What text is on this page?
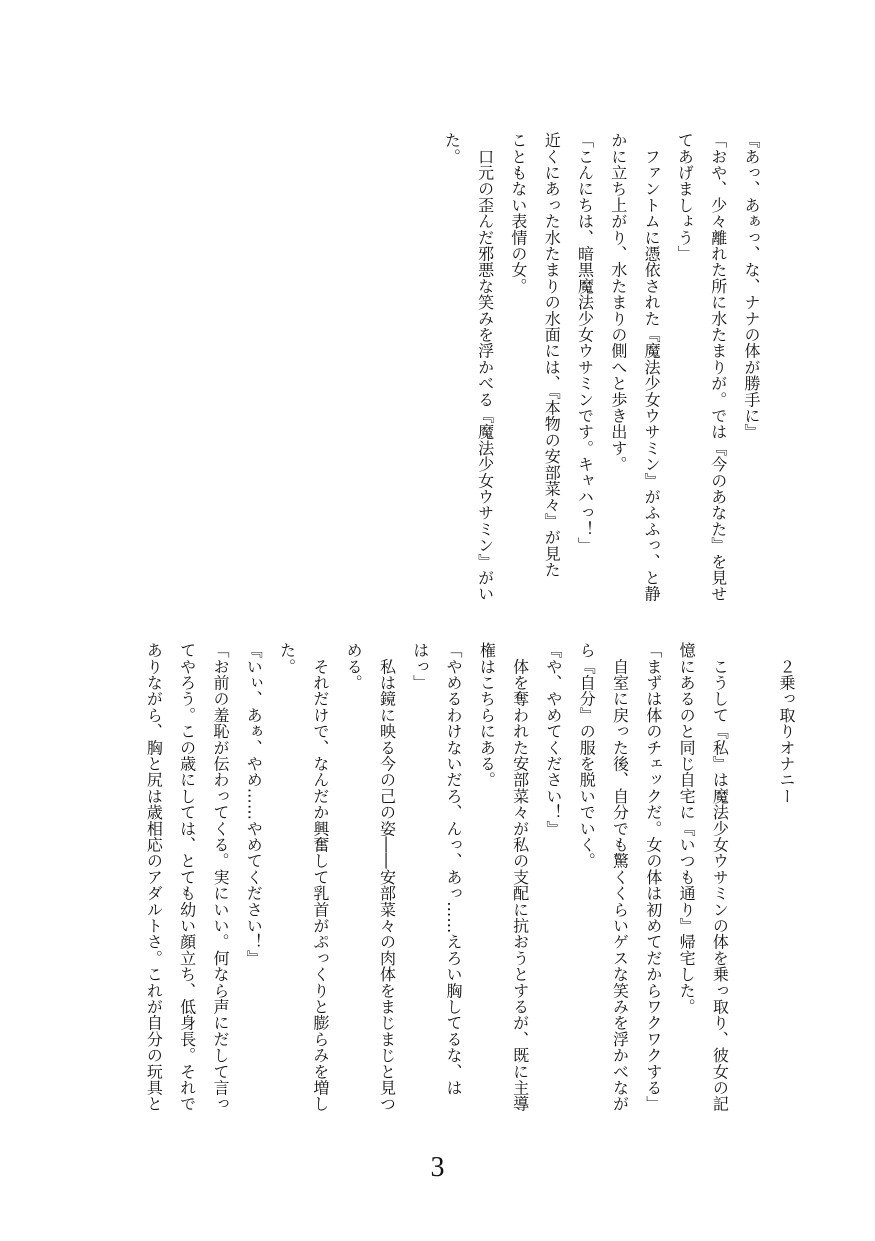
『あっ、あぁっ、な、ナナの体が勝手に』
「おや、少々離れた所に水たまりが。では『今のあなた』を見せ
てあげましょう」
　ファントムに憑依された『魔法少女ウサミン』がふふっ、と静
かに立ち上がり、水たまりの側へと歩き出す。
「こんにちは、暗黒魔法少女ウサミンです。キャハっ！」
近くにあった水たまりの水面には、『本物の安部菜々』が見た
こともない表情の女。
　口元の歪んだ邪悪な笑みを浮かべる『魔法少女ウサミン』がい
た。
　２乗っ取りオナニー
　こうして『私』は魔法少女ウサミンの体を乗っ取り、彼女の記
憶にあるのと同じ自宅に『いつも通り』帰宅した。
「まずは体のチェックだ。女の体は初めてだからワクワクする」
　自室に戻った後、自分でも驚くくらいゲスな笑みを浮かべなが
ら『自分』の服を脱いでいく。
『や、やめてください！』
　体を奪われた安部菜々が私の支配に抗おうとするが、既に主導
権はこちらにある。
「やめるわけないだろ、んっ、あっ……えろい胸してるな、は
はっ」
　私は鏡に映る今の己の姿――安部菜々の肉体をまじまじと見つ
める。
　それだけで、なんだか興奮して乳首がぷっくりと膨らみを増し
た。
『いぃ、あぁ、やめ……やめてください！』
「お前の羞恥が伝わってくる。実にいい。何なら声にだして言っ
てやろう。この歳にしては、とても幼い顔立ち、低身長。それで
ありながら、胸と尻は歳相応のアダルトさ。これが自分の玩具と
3
